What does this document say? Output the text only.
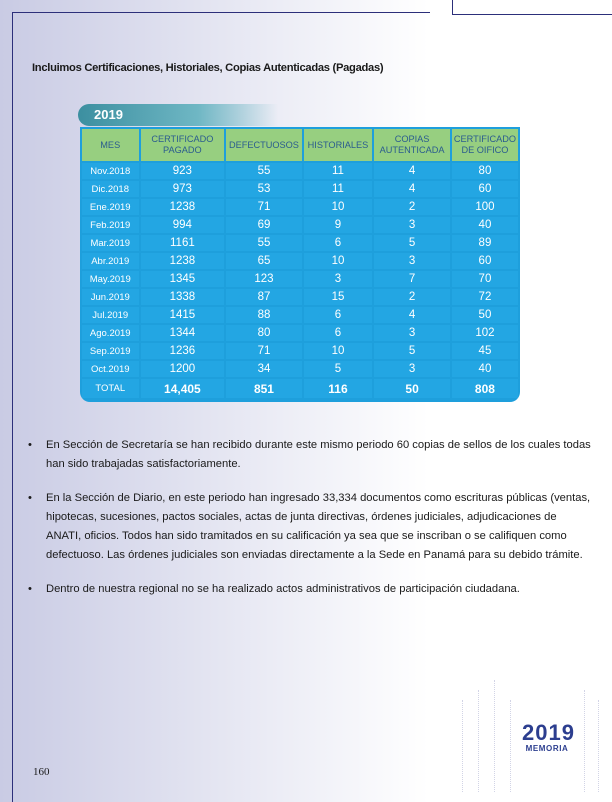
Incluimos Certificaciones, Historiales, Copias Autenticadas (Pagadas)
2019
MES	CERTIFICADO PAGADO	DEFECTUOSOS	HISTORIALES	COPIAS AUTENTICADA	CERTIFICADO DE OIFICO
Nov.2018	923	55	11	4	80
Dic.2018	973	53	11	4	60
Ene.2019	1238	71	10	2	100
Feb.2019	994	69	9	3	40
Mar.2019	1161	55	6	5	89
Abr.2019	1238	65	10	3	60
May.2019	1345	123	3	7	70
Jun.2019	1338	87	15	2	72
Jul.2019	1415	88	6	4	50
Ago.2019	1344	80	6	3	102
Sep.2019	1236	71	10	5	45
Oct.2019	1200	34	5	3	40
TOTAL	14,405	851	116	50	808
• En Sección de Secretaría se han recibido durante este mismo periodo 60 copias de sellos de los cuales todas han sido trabajadas satisfactoriamente.
• En la Sección de Diario, en este periodo han ingresado 33,334 documentos como escrituras públicas (ventas, hipotecas, sucesiones, pactos sociales, actas de junta directivas, órdenes judiciales, adjudicaciones de ANATI, oficios. Todos han sido tramitados en su calificación ya sea que se inscriban o se califiquen como defectuoso. Las órdenes judiciales son enviadas directamente a la Sede en Panamá para su debido trámite.
• Dentro de nuestra regional no se ha realizado actos administrativos de participación ciudadana.
2019
MEMORIA
160
